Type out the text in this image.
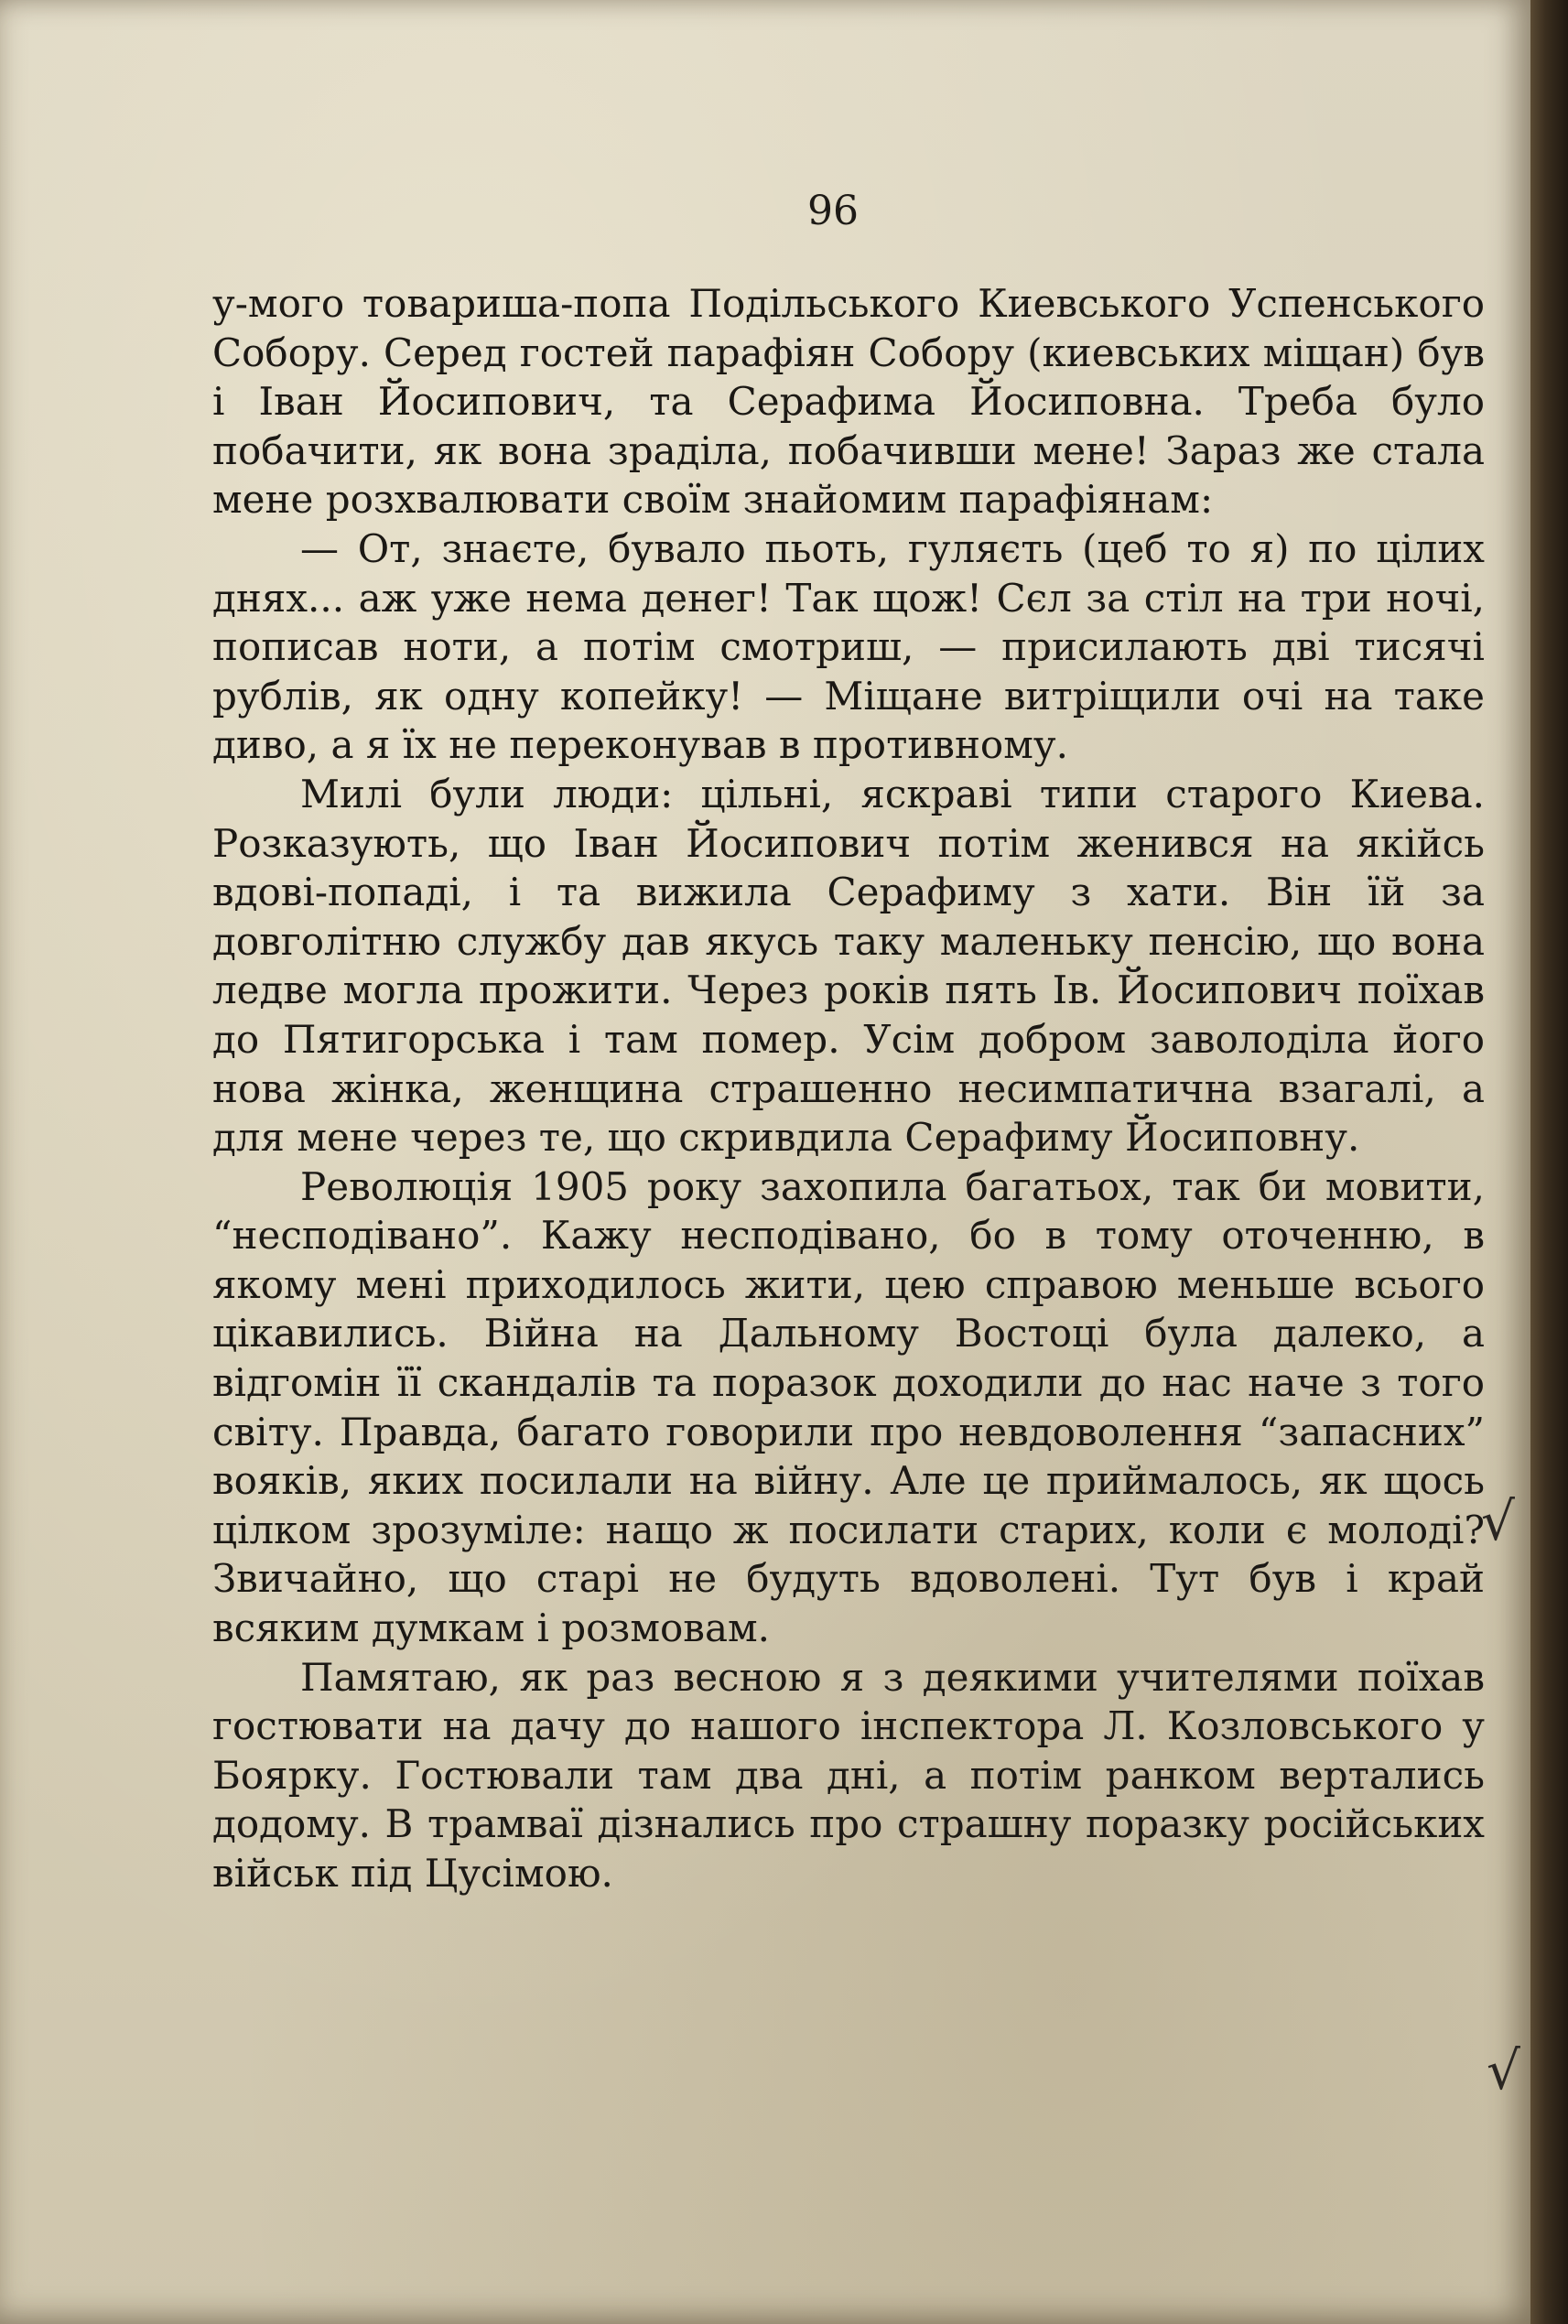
96

у-мого товариша-попа Подільського Киевського Успенського Собору. Серед гостей парафіян Собору (киевських міщан) був і Іван Йосипович, та Серафима Йосиповна. Треба було побачити, як вона зраділа, побачивши мене! Зараз же стала мене розхвалювати своїм знайомим парафіянам:

— От, знаєте, бувало пьоть, гуляєть (цеб то я) по цілих днях... аж уже нема денег! Так щож! Сєл за стіл на три ночі, пописав ноти, а потім смотриш, — присилають дві тисячі рублів, як одну копейку! — Міщане витріщили очі на таке диво, а я їх не переконував в противному.

Милі були люди: цільні, яскраві типи старого Киева. Розказують, що Іван Йосипович потім женився на якійсь вдові-попаді, і та вижила Серафиму з хати. Він їй за довголітню службу дав якусь таку маленьку пенсію, що вона ледве могла прожити. Через років пять Ів. Йосипович поїхав до Пятигорська і там помер. Усім добром заволоділа його нова жінка, женщина страшенно несимпатична взагалі, а для мене через те, що скривдила Серафиму Йосиповну.

Революція 1905 року захопила багатьох, так би мовити, “несподівано”. Кажу несподівано, бо в тому оточенню, в якому мені приходилось жити, цею справою меньше всього цікавились. Війна на Дальному Востоці була далеко, а відгомін її скандалів та поразок доходили до нас наче з того світу. Правда, багато говорили про невдоволення “запасних” вояків, яких посилали на війну. Але це приймалось, як щось цілком зрозуміле: нащо ж посилати старих, коли є молоді? Звичайно, що старі не будуть вдоволені. Тут був і край всяким думкам і розмовам.

Памятаю, як раз весною я з деякими учителями поїхав гостювати на дачу до нашого інспектора Л. Козловського у Боярку. Гостювали там два дні, а потім ранком вертались додому. В трамваї дізнались про страшну поразку російських військ під Цусімою.

√
√
